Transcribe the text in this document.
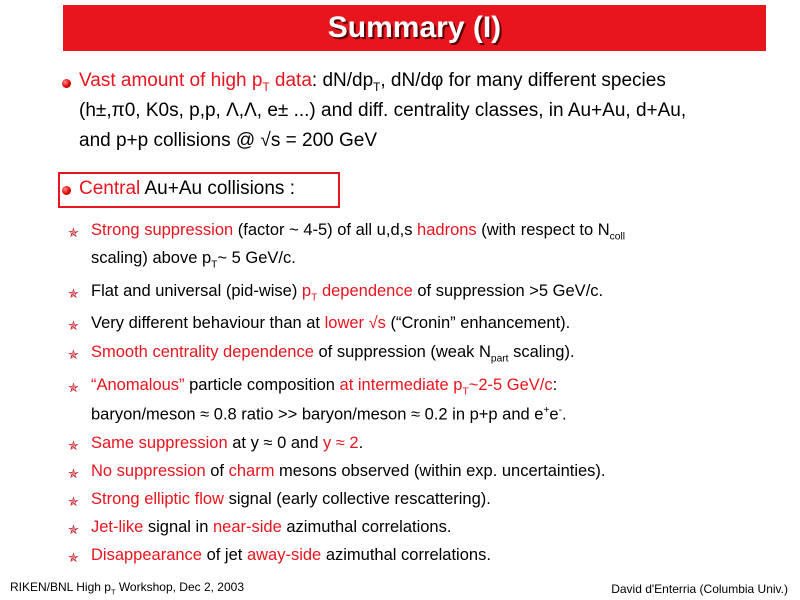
Summary (I)
Vast amount of high $p_T$ data: $dN/dp_T$, dN/dφ for many different species
(h±,π0, K0s, p,p, Λ,Λ, e± ...) and diff. centrality classes, in Au+Au, d+Au,
and p+p collisions @ √s = 200 GeV
Central Au+Au collisions :
✯ Strong suppression (factor ~ 4-5) of all u,d,s hadrons (with respect to $N_{coll}$
scaling) above $p_T\sim$ 5 GeV/c.
✯ Flat and universal (pid-wise) $p_T$ dependence of suppression >5 GeV/c.
✯ Very different behaviour than at lower √s (“Cronin” enhancement).
✯ Smooth centrality dependence of suppression (weak $N_{part}$ scaling).
✯ “Anomalous” particle composition at intermediate $p_T\sim 2-5$ GeV/c:
baryon/meson ≈ 0.8 ratio >> baryon/meson ≈ 0.2 in p+p and e+e-.
✯ Same suppression at y ≈ 0 and y ≈ 2.
✯ No suppression of charm mesons observed (within exp. uncertainties).
✯ Strong elliptic flow signal (early collective rescattering).
✯ Jet-like signal in near-side azimuthal correlations.
✯ Disappearance of jet away-side azimuthal correlations.
RIKEN/BNL High $p_T$ Workshop, Dec 2, 2003	David d'Enterria (Columbia Univ.)
